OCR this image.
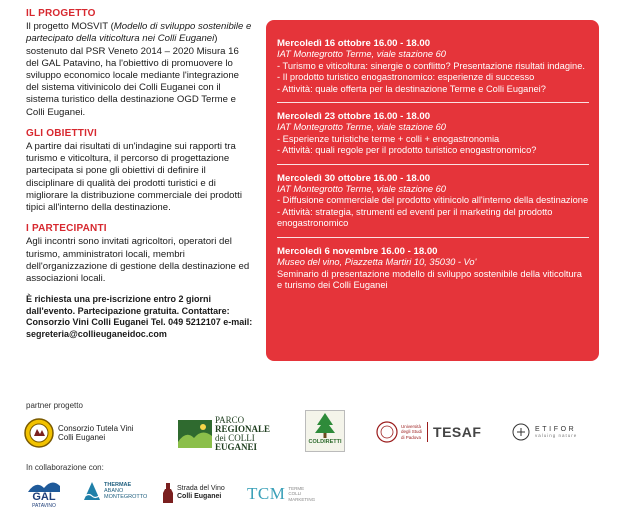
IL PROGETTO
Il progetto MOSVIT (Modello di sviluppo sostenibile e partecipato della viticoltura nei Colli Euganei) sostenuto dal PSR Veneto 2014 – 2020 Misura 16 del GAL Patavino, ha l'obiettivo di promuovere lo sviluppo economico locale mediante l'integrazione del sistema vitivinicolo dei Colli Euganei con il sistema turistico della destinazione OGD Terme e Colli Euganei.
GLI OBIETTIVI
A partire dai risultati di un'indagine sui rapporti tra turismo e viticoltura, il percorso di progettazione partecipata si pone gli obiettivi di definire il disciplinare di qualità dei prodotti turistici e di migliorare la distribuzione commerciale dei prodotti tipici all'interno della destinazione.
I PARTECIPANTI
Agli incontri sono invitati agricoltori, operatori del turismo, amministratori locali, membri dell'organizzazione di gestione della destinazione ed associazioni locali.
È richiesta una pre-iscrizione entro 2 giorni dall'evento. Partecipazione gratuita. Contattare: Consorzio Vini Colli Euganei Tel. 049 5212107 e-mail: segreteria@collieuganeidoc.com
Mercoledì 16 ottobre 16.00 - 18.00
IAT Montegrotto Terme, viale stazione 60
- Turismo e viticoltura: sinergie o conflitto? Presentazione risultati indagine.
- Il prodotto turistico enogastronomico: esperienze di successo
- Attività: quale offerta per la destinazione Terme e Colli Euganei?
Mercoledì 23 ottobre 16.00 - 18.00
IAT Montegrotto Terme, viale stazione 60
- Esperienze turistiche terme + colli + enogastronomia
- Attività: quali regole per il prodotto turistico enogastronomico?
Mercoledì 30 ottobre 16.00 - 18.00
IAT Montegrotto Terme, viale stazione 60
- Diffusione commerciale del prodotto vitinicolo all'interno della destinazione
- Attività: strategia, strumenti ed eventi per il marketing del prodotto enogastronomico
Mercoledì 6 novembre 16.00 - 18.00
Museo del vino, Piazzetta Martiri 10, 35030 - Vo'
Seminario di presentazione modello di sviluppo sostenibile della viticoltura e turismo dei Colli Euganei
partner progetto
Consorzio Tutela Vini
Colli Euganei
PARCO
REGIONALE
dei COLLI
EUGANEI	COLDIRETTI
Università
degli Studi
di Padova TESAF	ETIFOR
valuing nature
In collaborazione con:
GAL
PATAVINO
THERMAE
ABANO
MONTEGROTTO
Strada del Vino
Colli Euganei TCM TERME
COLLI
MARKETING
